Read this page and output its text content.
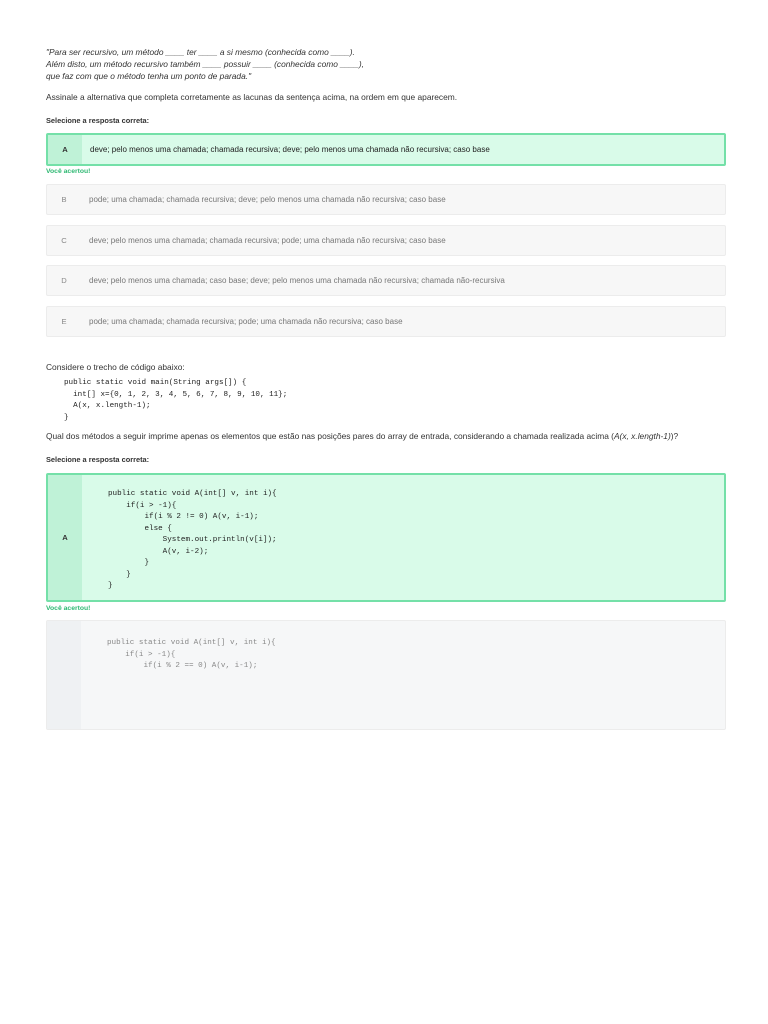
"Para ser recursivo, um método ____ ter ____ a si mesmo (conhecida como ____).
Além disto, um método recursivo também ____ possuir ____ (conhecida como ____),
que faz com que o método tenha um ponto de parada."
Assinale a alternativa que completa corretamente as lacunas da sentença acima, na ordem em que aparecem.
Selecione a resposta correta:
A	deve; pelo menos uma chamada; chamada recursiva; deve; pelo menos uma chamada não recursiva; caso base
Você acertou!
B	pode; uma chamada; chamada recursiva; deve; pelo menos uma chamada não recursiva; caso base
C	deve; pelo menos uma chamada; chamada recursiva; pode; uma chamada não recursiva; caso base
D	deve; pelo menos uma chamada; caso base; deve; pelo menos uma chamada não recursiva; chamada não-recursiva
E	pode; uma chamada; chamada recursiva; pode; uma chamada não recursiva; caso base
Considere o trecho de código abaixo:
public static void main(String args[]) {
int[] x={0, 1, 2, 3, 4, 5, 6, 7, 8, 9, 10, 11};
A(x, x.length-1);
}
Qual dos métodos a seguir imprime apenas os elementos que estão nas posições pares do array de entrada, considerando a chamada realizada acima (A(x, x.length-1))?
Selecione a resposta correta:
A
public static void A(int[] v, int i){
if(i > -1){
if(i % 2 != 0) A(v, i-1);
else {
System.out.println(v[i]);
A(v, i-2);
}
}
}
Você acertou!
public static void A(int[] v, int i){
if(i > -1){
if(i % 2 == 0) A(v, i-1);
